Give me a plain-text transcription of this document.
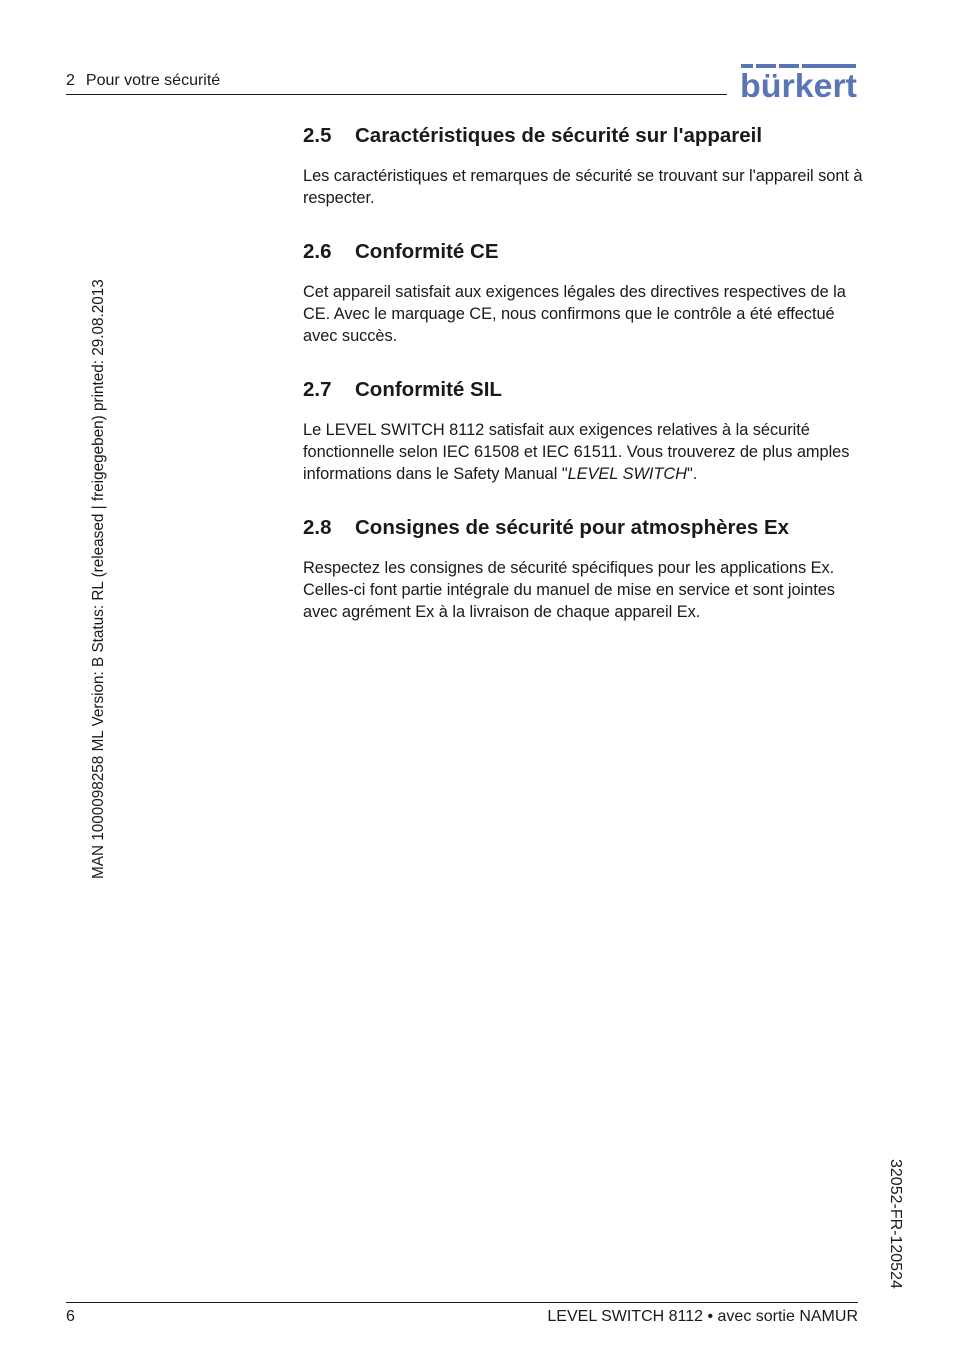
2 Pour votre sécurité	bürkert
MAN 1000098258 ML Version: B Status: RL (released | freigegeben) printed: 29.08.2013
32052-FR-120524
2.5 Caractéristiques de sécurité sur l'appareil

Les caractéristiques et remarques de sécurité se trouvant sur l'appareil sont à respecter.

2.6 Conformité CE

Cet appareil satisfait aux exigences légales des directives respectives de la CE. Avec le marquage CE, nous confirmons que le contrôle a été effectué avec succès.

2.7 Conformité SIL

Le LEVEL SWITCH 8112 satisfait aux exigences relatives à la sécurité fonctionnelle selon IEC 61508 et IEC 61511. Vous trouverez de plus amples informations dans le Safety Manual "LEVEL SWITCH".

2.8 Consignes de sécurité pour atmosphères Ex

Respectez les consignes de sécurité spécifiques pour les applications Ex. Celles-ci font partie intégrale du manuel de mise en service et sont jointes avec agrément Ex à la livraison de chaque appareil Ex.

6	LEVEL SWITCH 8112 • avec sortie NAMUR
